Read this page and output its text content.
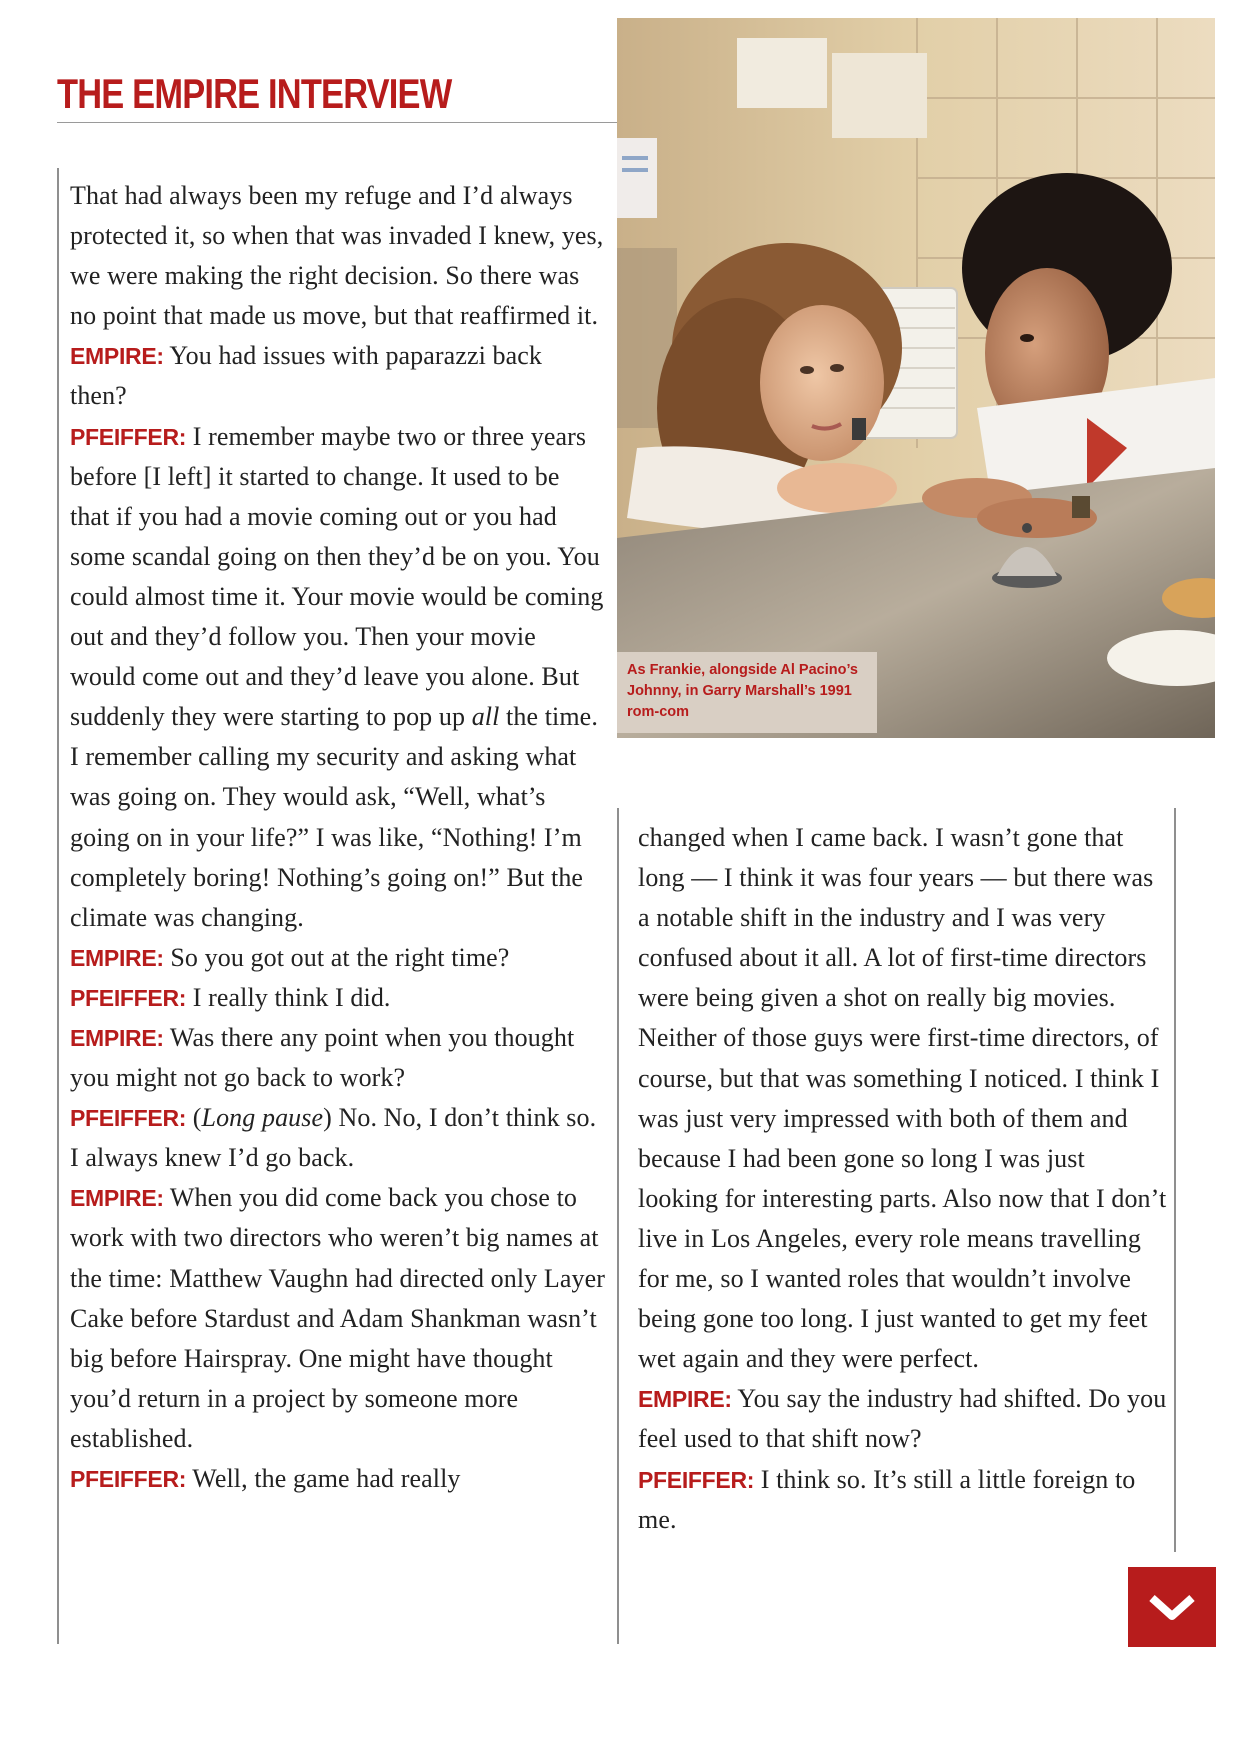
THE EMPIRE INTERVIEW
As Frankie, alongside Al Pacino’s Johnny, in Garry Marshall’s 1991 rom-com

That had always been my refuge and I’d always protected it, so when that was invaded I knew, yes, we were making the right decision. So there was no point that made us move, but that reaffirmed it.

EMPIRE: You had issues with paparazzi back then?

PFEIFFER: I remember maybe two or three years before [I left] it started to change. It used to be that if you had a movie coming out or you had some scandal going on then they’d be on you. You could almost time it. Your movie would be coming out and they’d follow you. Then your movie would come out and they’d leave you alone. But suddenly they were starting to pop up all the time. I remember calling my security and asking what was going on. They would ask, “Well, what’s going on in your life?” I was like, “Nothing! I’m completely boring! Nothing’s going on!” But the climate was changing.

EMPIRE: So you got out at the right time?

PFEIFFER: I really think I did.

EMPIRE: Was there any point when you thought you might not go back to work?

PFEIFFER: (Long pause) No. No, I don’t think so. I always knew I’d go back.

EMPIRE: When you did come back you chose to work with two directors who weren’t big names at the time: Matthew Vaughn had directed only Layer Cake before Stardust and Adam Shankman wasn’t big before Hairspray. One might have thought you’d return in a project by someone more established.

PFEIFFER: Well, the game had really

changed when I came back. I wasn’t gone that long — I think it was four years — but there was a notable shift in the industry and I was very confused about it all. A lot of first-time directors were being given a shot on really big movies. Neither of those guys were first-time directors, of course, but that was something I noticed. I think I was just very impressed with both of them and because I had been gone so long I was just looking for interesting parts. Also now that I don’t live in Los Angeles, every role means travelling for me, so I wanted roles that wouldn’t involve being gone too long. I just wanted to get my feet wet again and they were perfect.

EMPIRE: You say the industry had shifted. Do you feel used to that shift now?

PFEIFFER: I think so. It’s still a little foreign to me.
